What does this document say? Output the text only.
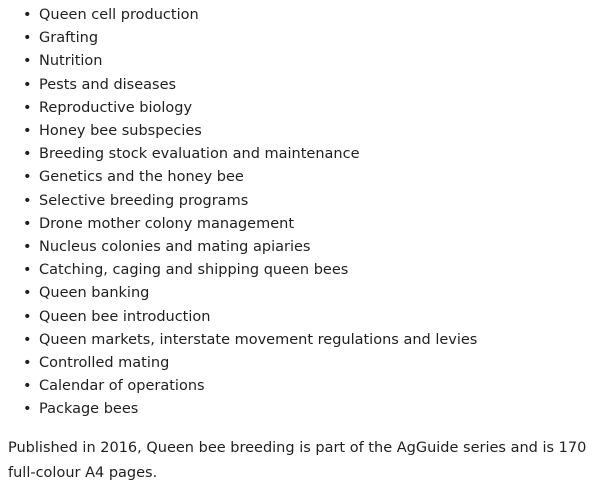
• Queen cell production
• Grafting
• Nutrition
• Pests and diseases
• Reproductive biology
• Honey bee subspecies
• Breeding stock evaluation and maintenance
• Genetics and the honey bee
• Selective breeding programs
• Drone mother colony management
• Nucleus colonies and mating apiaries
• Catching, caging and shipping queen bees
• Queen banking
• Queen bee introduction
• Queen markets, interstate movement regulations and levies
• Controlled mating
• Calendar of operations
• Package bees

Published in 2016, Queen bee breeding is part of the AgGuide series and is 170 full-colour A4 pages.
